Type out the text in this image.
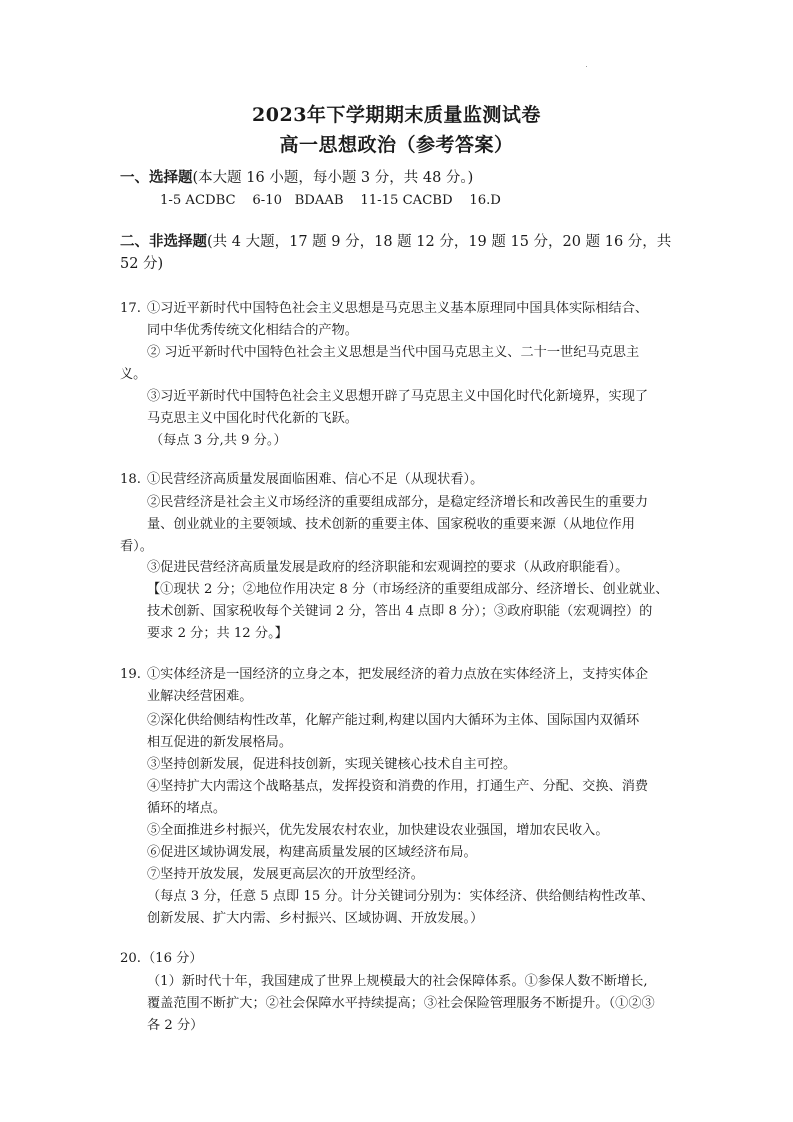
2023年下学期期末质量监测试卷
高一思想政治（参考答案）
一、选择题(本大题 16 小题，每小题 3 分，共 48 分。)
1-5 ACDBC    6-10   BDAAB    11-15 CACBD    16.D
二、非选择题(共 4 大题，17 题 9 分，18 题 12 分，19 题 15 分，20 题 16 分，共
52 分)
17. ①习近平新时代中国特色社会主义思想是马克思主义基本原理同中国具体实际相结合、
同中华优秀传统文化相结合的产物。
② 习近平新时代中国特色社会主义思想是当代中国马克思主义、二十一世纪马克思主
义。
③习近平新时代中国特色社会主义思想开辟了马克思主义中国化时代化新境界，实现了
马克思主义中国化时代化新的飞跃。
（每点 3 分,共 9 分。）
18. ①民营经济高质量发展面临困难、信心不足（从现状看）。
②民营经济是社会主义市场经济的重要组成部分，是稳定经济增长和改善民生的重要力
量、创业就业的主要领域、技术创新的重要主体、国家税收的重要来源（从地位作用
看）。
③促进民营经济高质量发展是政府的经济职能和宏观调控的要求（从政府职能看）。
【①现状 2 分；②地位作用决定 8 分（市场经济的重要组成部分、经济增长、创业就业、
技术创新、国家税收每个关键词 2 分，答出 4 点即 8 分）；③政府职能（宏观调控）的
要求 2 分；共 12 分。】
19. ①实体经济是一国经济的立身之本，把发展经济的着力点放在实体经济上，支持实体企
业解决经营困难。
②深化供给侧结构性改革，化解产能过剩,构建以国内大循环为主体、国际国内双循环
相互促进的新发展格局。
③坚持创新发展，促进科技创新，实现关键核心技术自主可控。
④坚持扩大内需这个战略基点，发挥投资和消费的作用，打通生产、分配、交换、消费
循环的堵点。
⑤全面推进乡村振兴，优先发展农村农业，加快建设农业强国，增加农民收入。
⑥促进区域协调发展，构建高质量发展的区域经济布局。
⑦坚持开放发展，发展更高层次的开放型经济。
（每点 3 分，任意 5 点即 15 分。计分关键词分别为：实体经济、供给侧结构性改革、
创新发展、扩大内需、乡村振兴、区域协调、开放发展。）
20. （16 分）
（1）新时代十年，我国建成了世界上规模最大的社会保障体系。①参保人数不断增长,
覆盖范围不断扩大；②社会保障水平持续提高；③社会保险管理服务不断提升。（①②③
各 2 分）
